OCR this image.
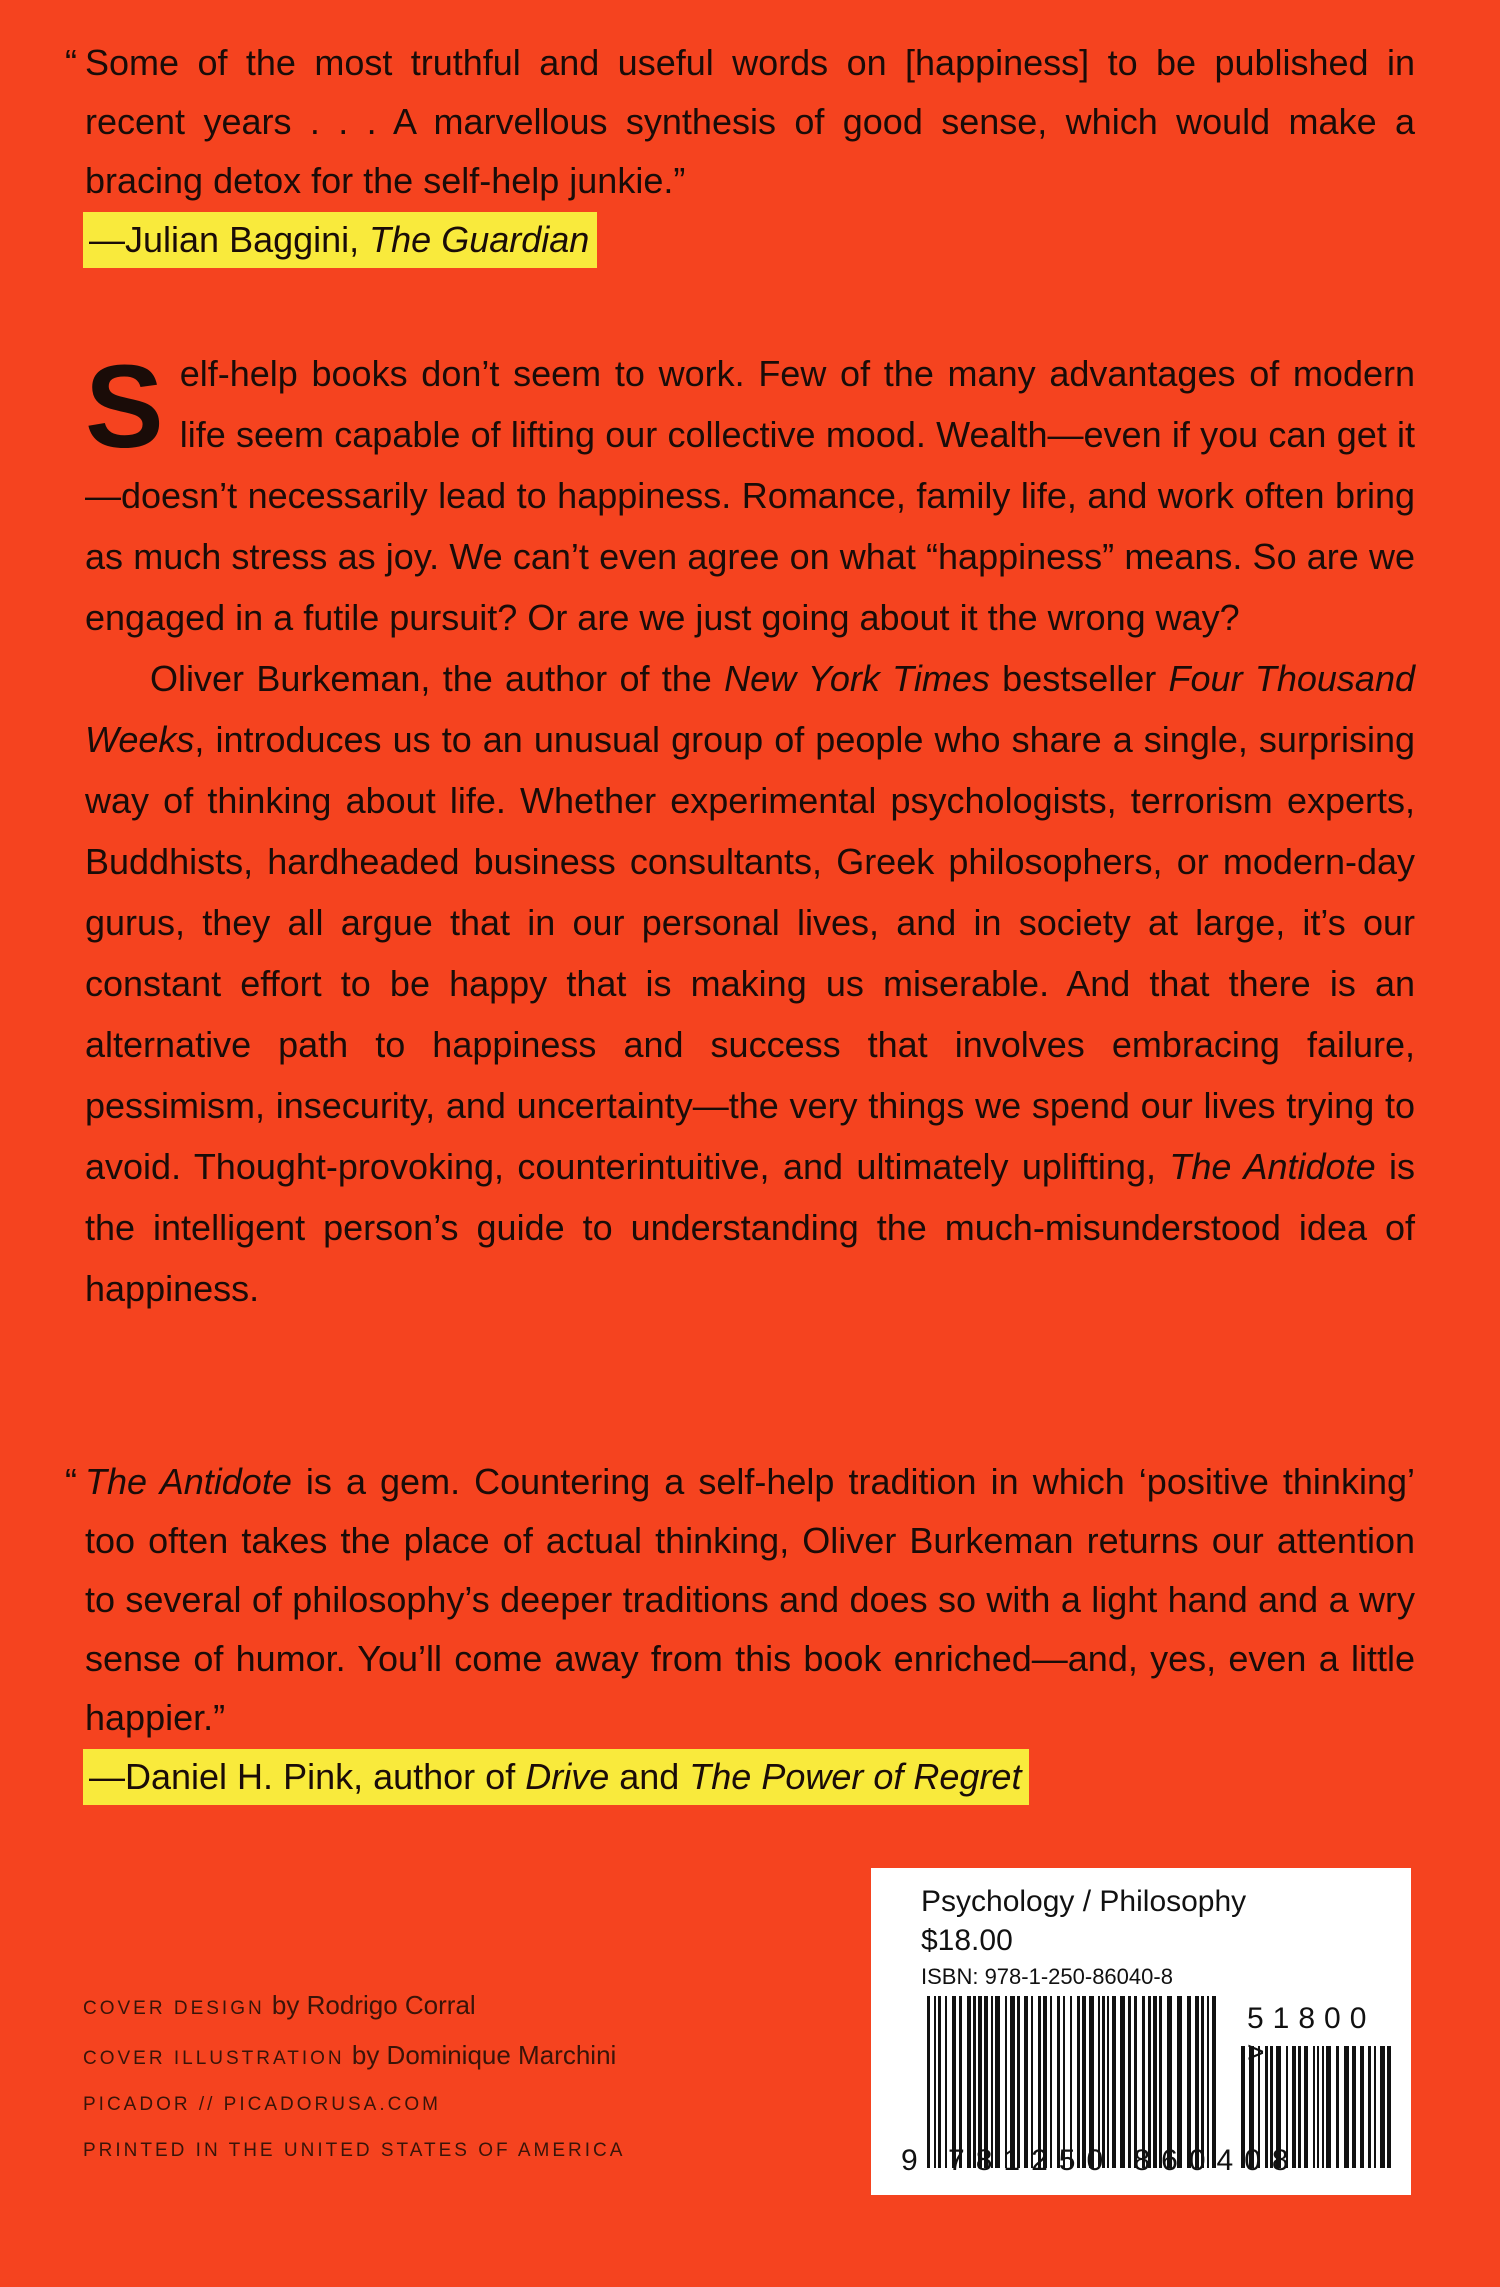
“ Some of the most truthful and useful words on [happiness] to be published in recent years . . . A marvellous synthesis of good sense, which would make a bracing detox for the self-help junkie.”
—Julian Baggini, The Guardian

Self-help books don’t seem to work. Few of the many advantages of modern life seem capable of lifting our collective mood. Wealth—even if you can get it—doesn’t necessarily lead to happiness. Romance, family life, and work often bring as much stress as joy. We can’t even agree on what “happiness” means. So are we engaged in a futile pursuit? Or are we just going about it the wrong way?

Oliver Burkeman, the author of the New York Times bestseller Four Thousand Weeks, introduces us to an unusual group of people who share a single, surprising way of thinking about life. Whether experimental psychologists, terrorism experts, Buddhists, hardheaded business consultants, Greek philosophers, or modern-day gurus, they all argue that in our personal lives, and in society at large, it’s our constant effort to be happy that is making us miserable. And that there is an alternative path to happiness and success that involves embracing failure, pessimism, insecurity, and uncertainty—the very things we spend our lives trying to avoid. Thought-provoking, counterintuitive, and ultimately uplifting, The Antidote is the intelligent person’s guide to understanding the much-misunderstood idea of happiness.

“ The Antidote is a gem. Countering a self-help tradition in which ‘positive thinking’ too often takes the place of actual thinking, Oliver Burkeman returns our attention to several of philosophy’s deeper traditions and does so with a light hand and a wry sense of humor. You’ll come away from this book enriched—and, yes, even a little happier.”
—Daniel H. Pink, author of Drive and The Power of Regret
COVER DESIGN by Rodrigo Corral
COVER ILLUSTRATION by Dominique Marchini
PICADOR // PICADORUSA.COM
PRINTED IN THE UNITED STATES OF AMERICA
Psychology / Philosophy
$18.00
ISBN: 978-1-250-86040-8
9 781250 860408
51800 >
